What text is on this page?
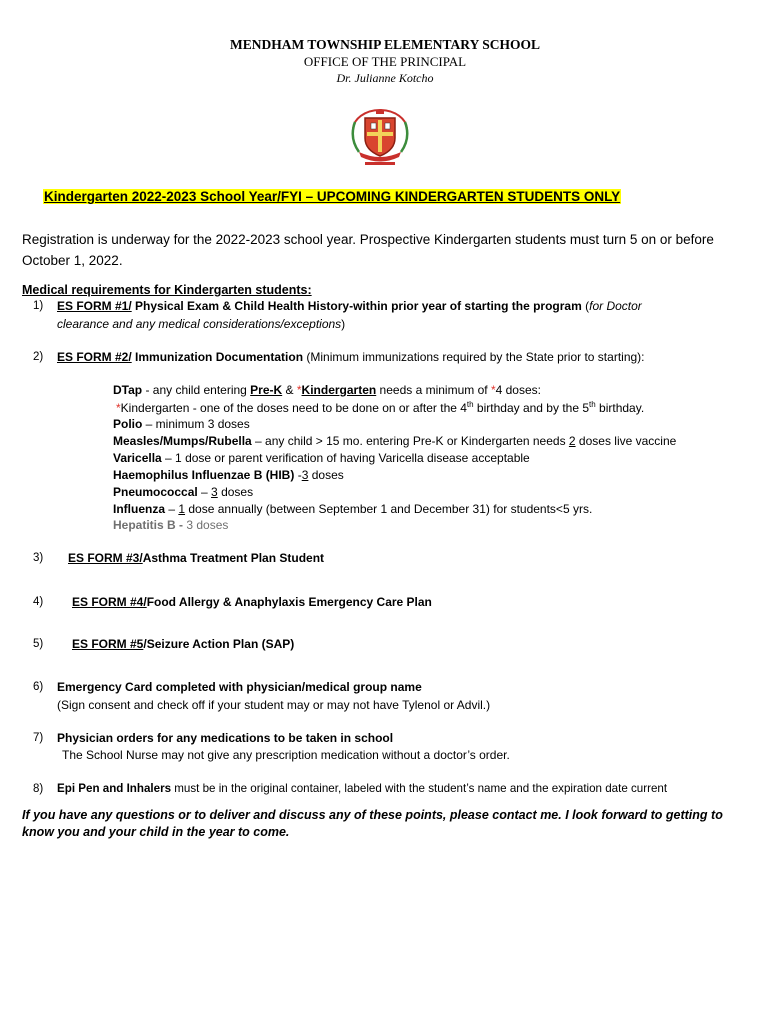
MENDHAM TOWNSHIP ELEMENTARY SCHOOL
OFFICE OF THE PRINCIPAL
Dr. Julianne Kotcho
Kindergarten 2022-2023 School Year/FYI – UPCOMING KINDERGARTEN STUDENTS ONLY
Registration is underway for the 2022-2023 school year. Prospective Kindergarten students must turn 5 on or before October 1, 2022.
Medical requirements for Kindergarten students:
1) ES FORM #1/ Physical Exam & Child Health History-within prior year of starting the program (for Doctor
clearance and any medical considerations/exceptions)
2) ES FORM #2/ Immunization Documentation (Minimum immunizations required by the State prior to starting):
DTap - any child entering Pre-K & *Kindergarten needs a minimum of *4 doses:
*Kindergarten - one of the doses need to be done on or after the 4th birthday and by the 5th birthday.
Polio – minimum 3 doses
Measles/Mumps/Rubella – any child > 15 mo. entering Pre-K or Kindergarten needs 2 doses live vaccine
Varicella – 1 dose or parent verification of having Varicella disease acceptable
Haemophilus Influenzae B (HIB) -3 doses
Pneumococcal – 3 doses
Influenza – 1 dose annually (between September 1 and December 31) for students<5 yrs.
Hepatitis B - 3 doses
3) ES FORM #3/Asthma Treatment Plan Student
4) ES FORM #4/Food Allergy & Anaphylaxis Emergency Care Plan
5) ES FORM #5/Seizure Action Plan (SAP)
6) Emergency Card completed with physician/medical group name
(Sign consent and check off if your student may or may not have Tylenol or Advil.)
7) Physician orders for any medications to be taken in school
The School Nurse may not give any prescription medication without a doctor’s order.
8) Epi Pen and Inhalers must be in the original container, labeled with the student’s name and the expiration date current
If you have any questions or to deliver and discuss any of these points, please contact me. I look forward to getting to know you and your child in the year to come.
